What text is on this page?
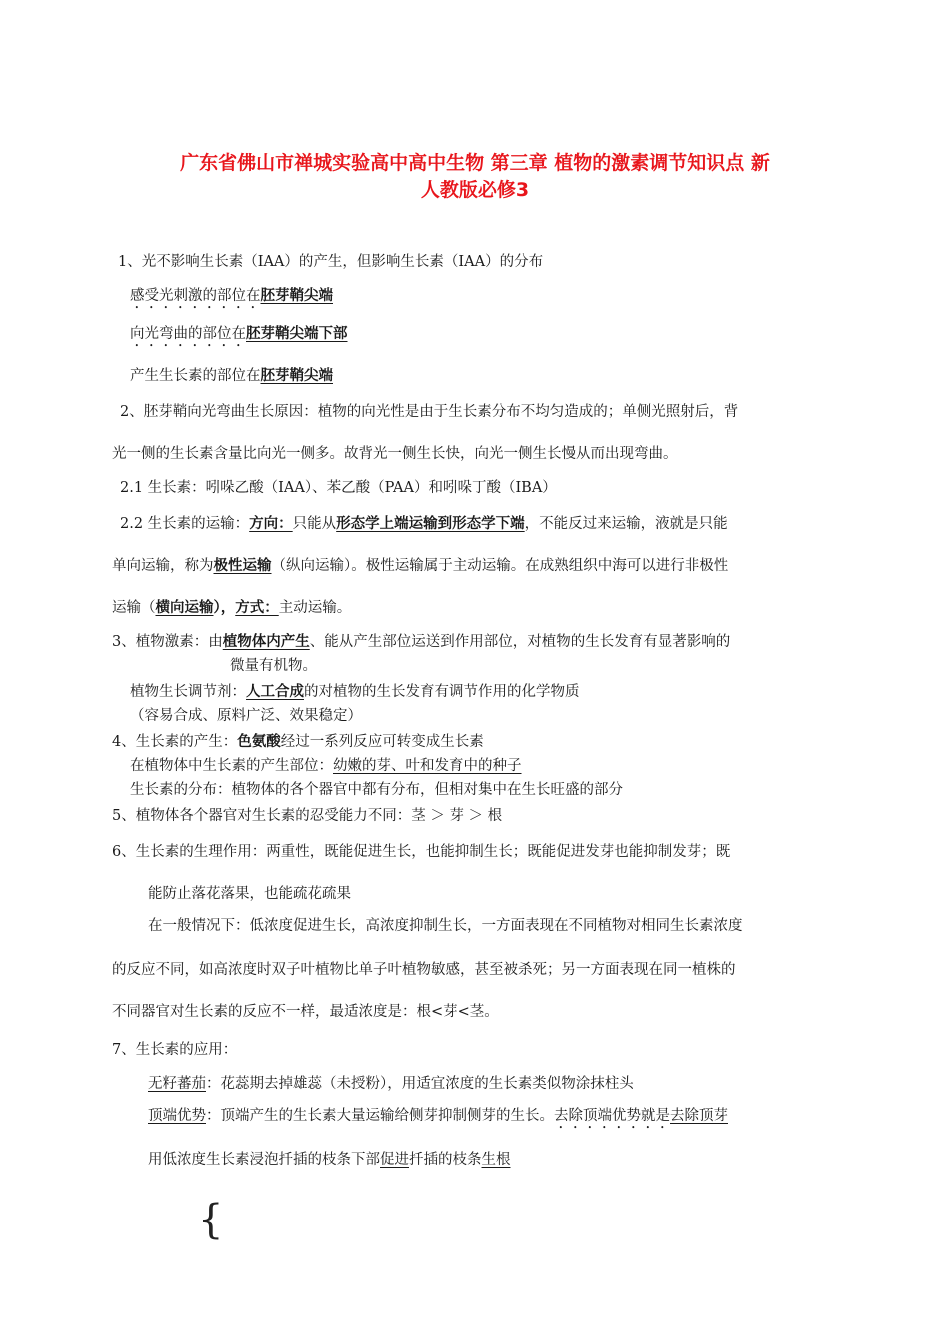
广东省佛山市禅城实验高中高中生物 第三章 植物的激素调节知识点 新
人教版必修3
1、光不影响生长素（IAA）的产生，但影响生长素（IAA）的分布
感受光刺激的部位在胚芽鞘尖端
向光弯曲的部位在胚芽鞘尖端下部
产生生长素的部位在胚芽鞘尖端
2、胚芽鞘向光弯曲生长原因：植物的向光性是由于生长素分布不均匀造成的；单侧光照射后，背
光一侧的生长素含量比向光一侧多。故背光一侧生长快，向光一侧生长慢从而出现弯曲。
2.1 生长素：吲哚乙酸（IAA）、苯乙酸（PAA）和吲哚丁酸（IBA）
2.2 生长素的运输：方向：只能从形态学上端运输到形态学下端，不能反过来运输，液就是只能
单向运输，称为极性运输（纵向运输）。极性运输属于主动运输。在成熟组织中海可以进行非极性
运输（横向运输），方式：主动运输。
3、植物激素：由植物体内产生、能从产生部位运送到作用部位，对植物的生长发育有显著影响的
微量有机物。
植物生长调节剂：人工合成的对植物的生长发育有调节作用的化学物质
（容易合成、原料广泛、效果稳定）
4、生长素的产生：色氨酸经过一系列反应可转变成生长素
在植物体中生长素的产生部位：幼嫩的芽、叶和发育中的种子
生长素的分布：植物体的各个器官中都有分布，但相对集中在生长旺盛的部分
5、植物体各个器官对生长素的忍受能力不同：茎 ＞ 芽 ＞ 根
6、生长素的生理作用：两重性，既能促进生长，也能抑制生长；既能促进发芽也能抑制发芽；既
能防止落花落果，也能疏花疏果
在一般情况下：低浓度促进生长，高浓度抑制生长，一方面表现在不同植物对相同生长素浓度
的反应不同，如高浓度时双子叶植物比单子叶植物敏感，甚至被杀死；另一方面表现在同一植株的
不同器官对生长素的反应不一样，最适浓度是：根<芽<茎。
7、生长素的应用：
无籽蕃茄：花蕊期去掉雄蕊（未授粉），用适宜浓度的生长素类似物涂抹柱头
顶端优势：顶端产生的生长素大量运输给侧芽抑制侧芽的生长。去除顶端优势就是去除顶芽
用低浓度生长素浸泡扦插的枝条下部促进扦插的枝条生根
{
